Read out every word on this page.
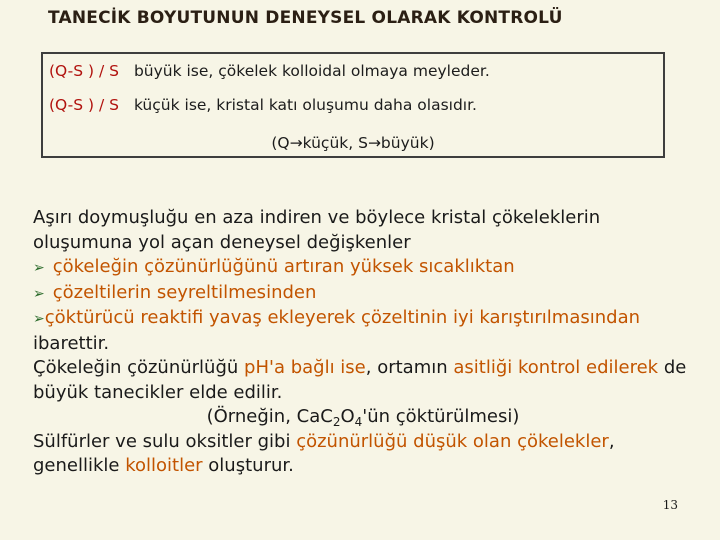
TANECİK BOYUTUNUN DENEYSEL OLARAK KONTROLÜ
(Q-S ) / S büyük ise, çökelek kolloidal olmaya meyleder.
(Q-S ) / S küçük ise, kristal katı oluşumu daha olasıdır.
(Q→küçük, S→büyük)
Aşırı doymuşluğu en aza indiren ve böylece kristal çökeleklerin oluşumuna yol açan deneysel değişkenler
➢ çökeleğin çözünürlüğünü artıran yüksek sıcaklıktan
➢ çözeltilerin seyreltilmesinden
➢çöktürücü reaktifi yavaş ekleyerek çözeltinin iyi karıştırılmasından ibarettir.
Çökeleğin çözünürlüğü pH'a bağlı ise, ortamın asitliği kontrol edilerek de büyük tanecikler elde edilir.
(Örneğin, $CaC_2O_4'ün$ çöktürülmesi)
Sülfürler ve sulu oksitler gibi çözünürlüğü düşük olan çökelekler, genellikle kolloitler oluşturur.
13
